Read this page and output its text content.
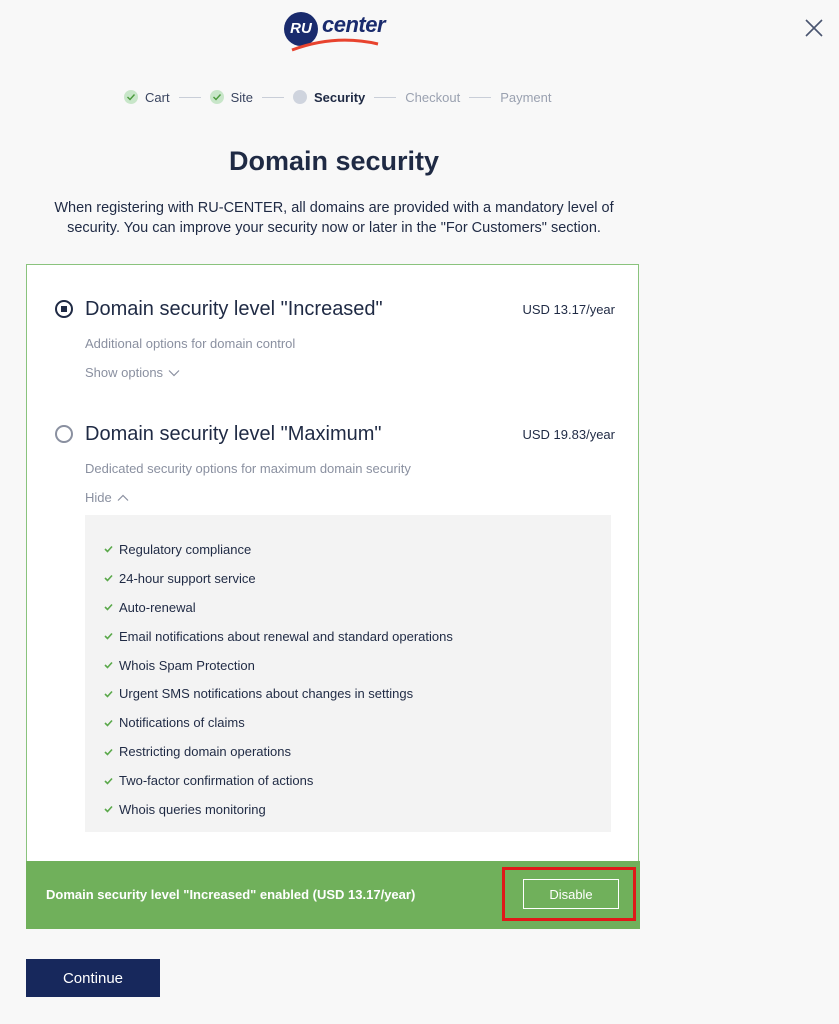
RU center
Cart	Site	Security	Checkout	Payment
Domain security

When registering with RU-CENTER, all domains are provided with a mandatory level of security. You can improve your security now or later in the "For Customers" section.

Domain security level "Increased"	USD 13.17/year
Additional options for domain control
Show options
Domain security level "Maximum"	USD 19.83/year
Dedicated security options for maximum domain security
Hide
Regulatory compliance
24-hour support service
Auto-renewal
Email notifications about renewal and standard operations
Whois Spam Protection
Urgent SMS notifications about changes in settings
Notifications of claims
Restricting domain operations
Two-factor confirmation of actions
Whois queries monitoring
Domain security level "Increased" enabled (USD 13.17/year)	Disable
Continue
